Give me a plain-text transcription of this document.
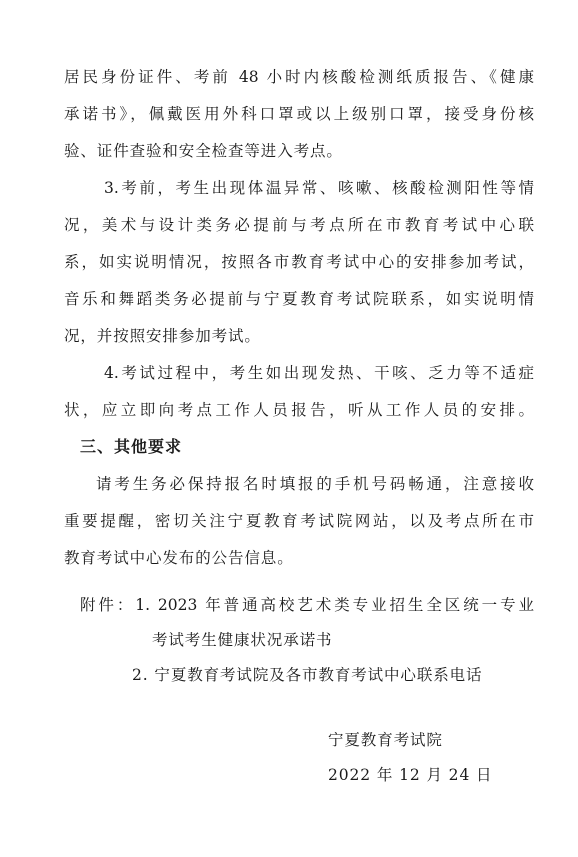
居民身份证件、考前 48 小时内核酸检测纸质报告、《健康
承诺书》，佩戴医用外科口罩或以上级别口罩，接受身份核
验、证件查验和安全检查等进入考点。
3.考前，考生出现体温异常、咳嗽、核酸检测阳性等情
况，美术与设计类务必提前与考点所在市教育考试中心联
系，如实说明情况，按照各市教育考试中心的安排参加考试，
音乐和舞蹈类务必提前与宁夏教育考试院联系，如实说明情
况，并按照安排参加考试。
4.考试过程中，考生如出现发热、干咳、乏力等不适症
状，应立即向考点工作人员报告，听从工作人员的安排。
三、其他要求
请考生务必保持报名时填报的手机号码畅通，注意接收
重要提醒，密切关注宁夏教育考试院网站，以及考点所在市
教育考试中心发布的公告信息。
附件：1. 2023 年普通高校艺术类专业招生全区统一专业
考试考生健康状况承诺书
2. 宁夏教育考试院及各市教育考试中心联系电话
宁夏教育考试院
2022 年 12 月 24 日
